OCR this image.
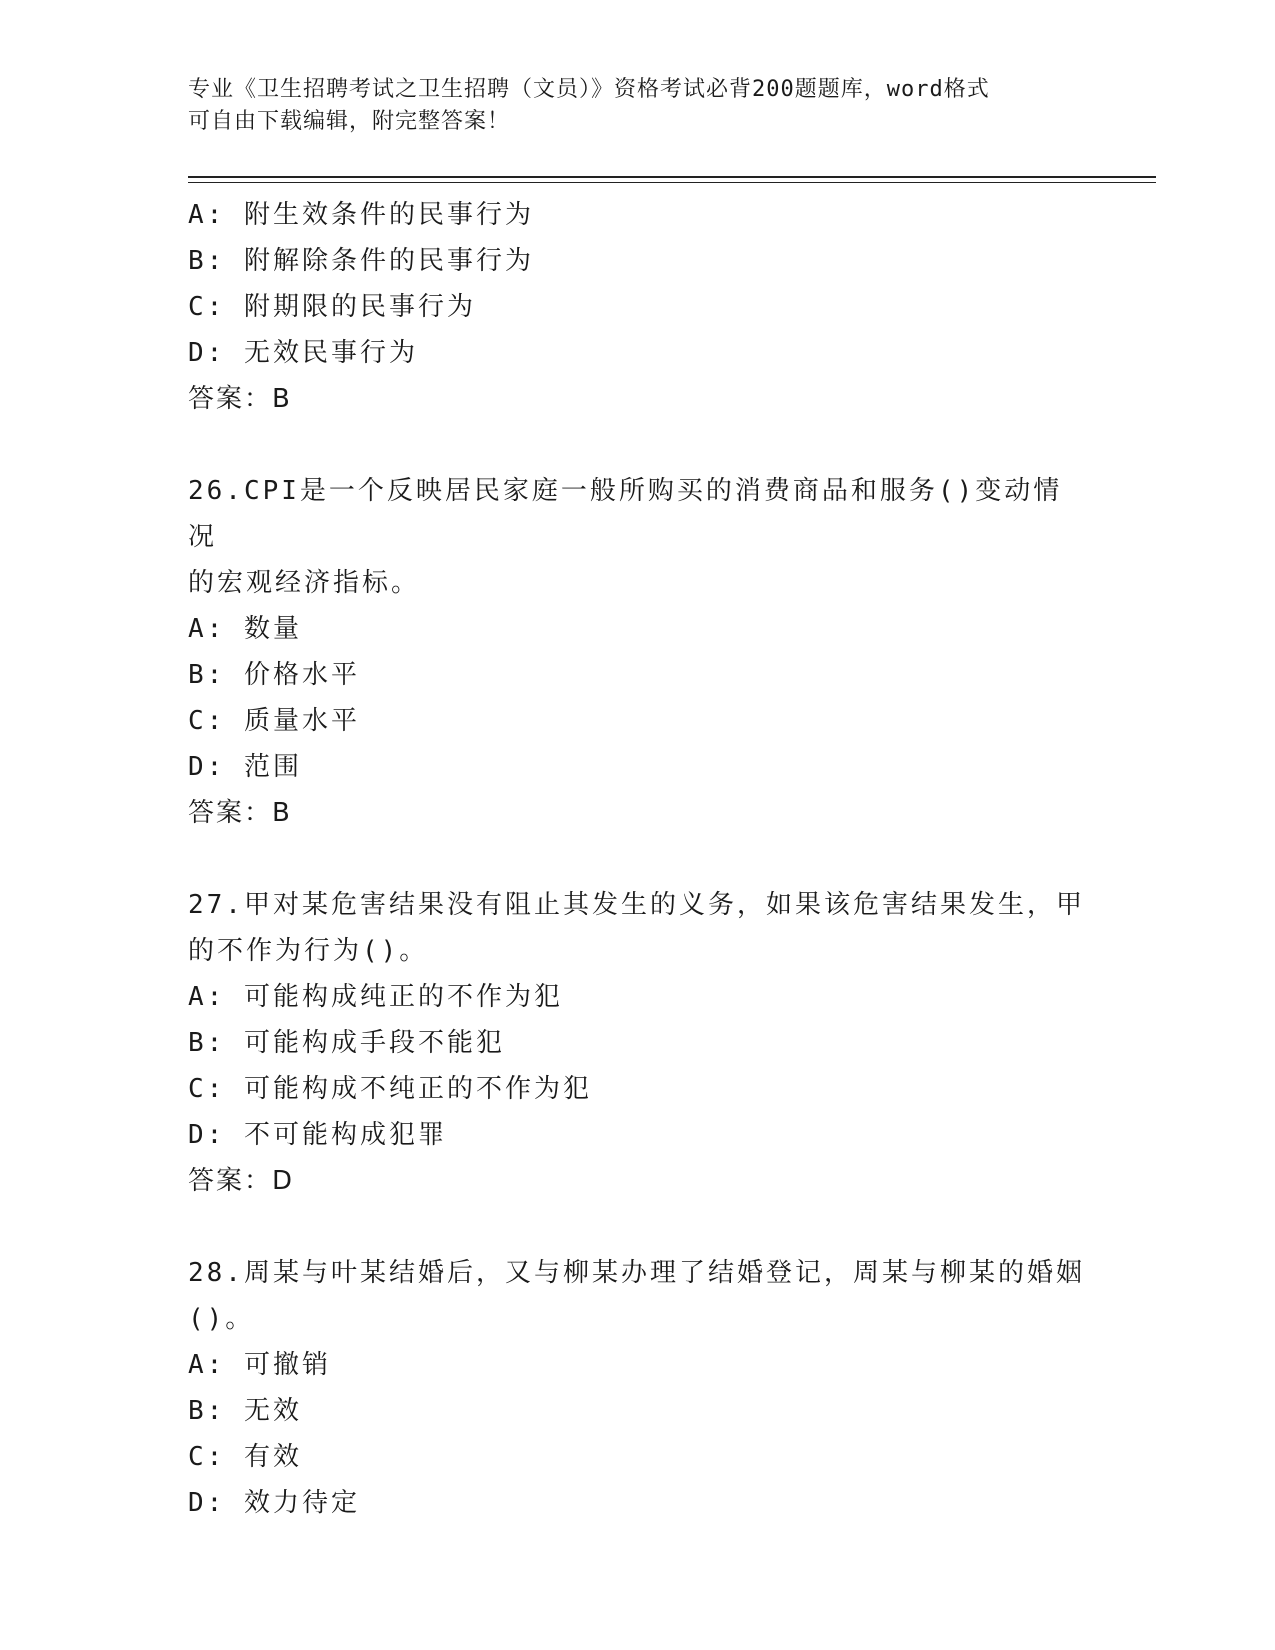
专业《卫生招聘考试之卫生招聘（文员）》资格考试必背200题题库，word格式
可自由下载编辑，附完整答案！
A: 附生效条件的民事行为
B: 附解除条件的民事行为
C: 附期限的民事行为
D: 无效民事行为
答案：B
26.CPI是一个反映居民家庭一般所购买的消费商品和服务()变动情况
的宏观经济指标。
A: 数量
B: 价格水平
C: 质量水平
D: 范围
答案：B
27.甲对某危害结果没有阻止其发生的义务，如果该危害结果发生，甲
的不作为行为()。
A: 可能构成纯正的不作为犯
B: 可能构成手段不能犯
C: 可能构成不纯正的不作为犯
D: 不可能构成犯罪
答案：D
28.周某与叶某结婚后，又与柳某办理了结婚登记，周某与柳某的婚姻
()。
A: 可撤销
B: 无效
C: 有效
D: 效力待定
